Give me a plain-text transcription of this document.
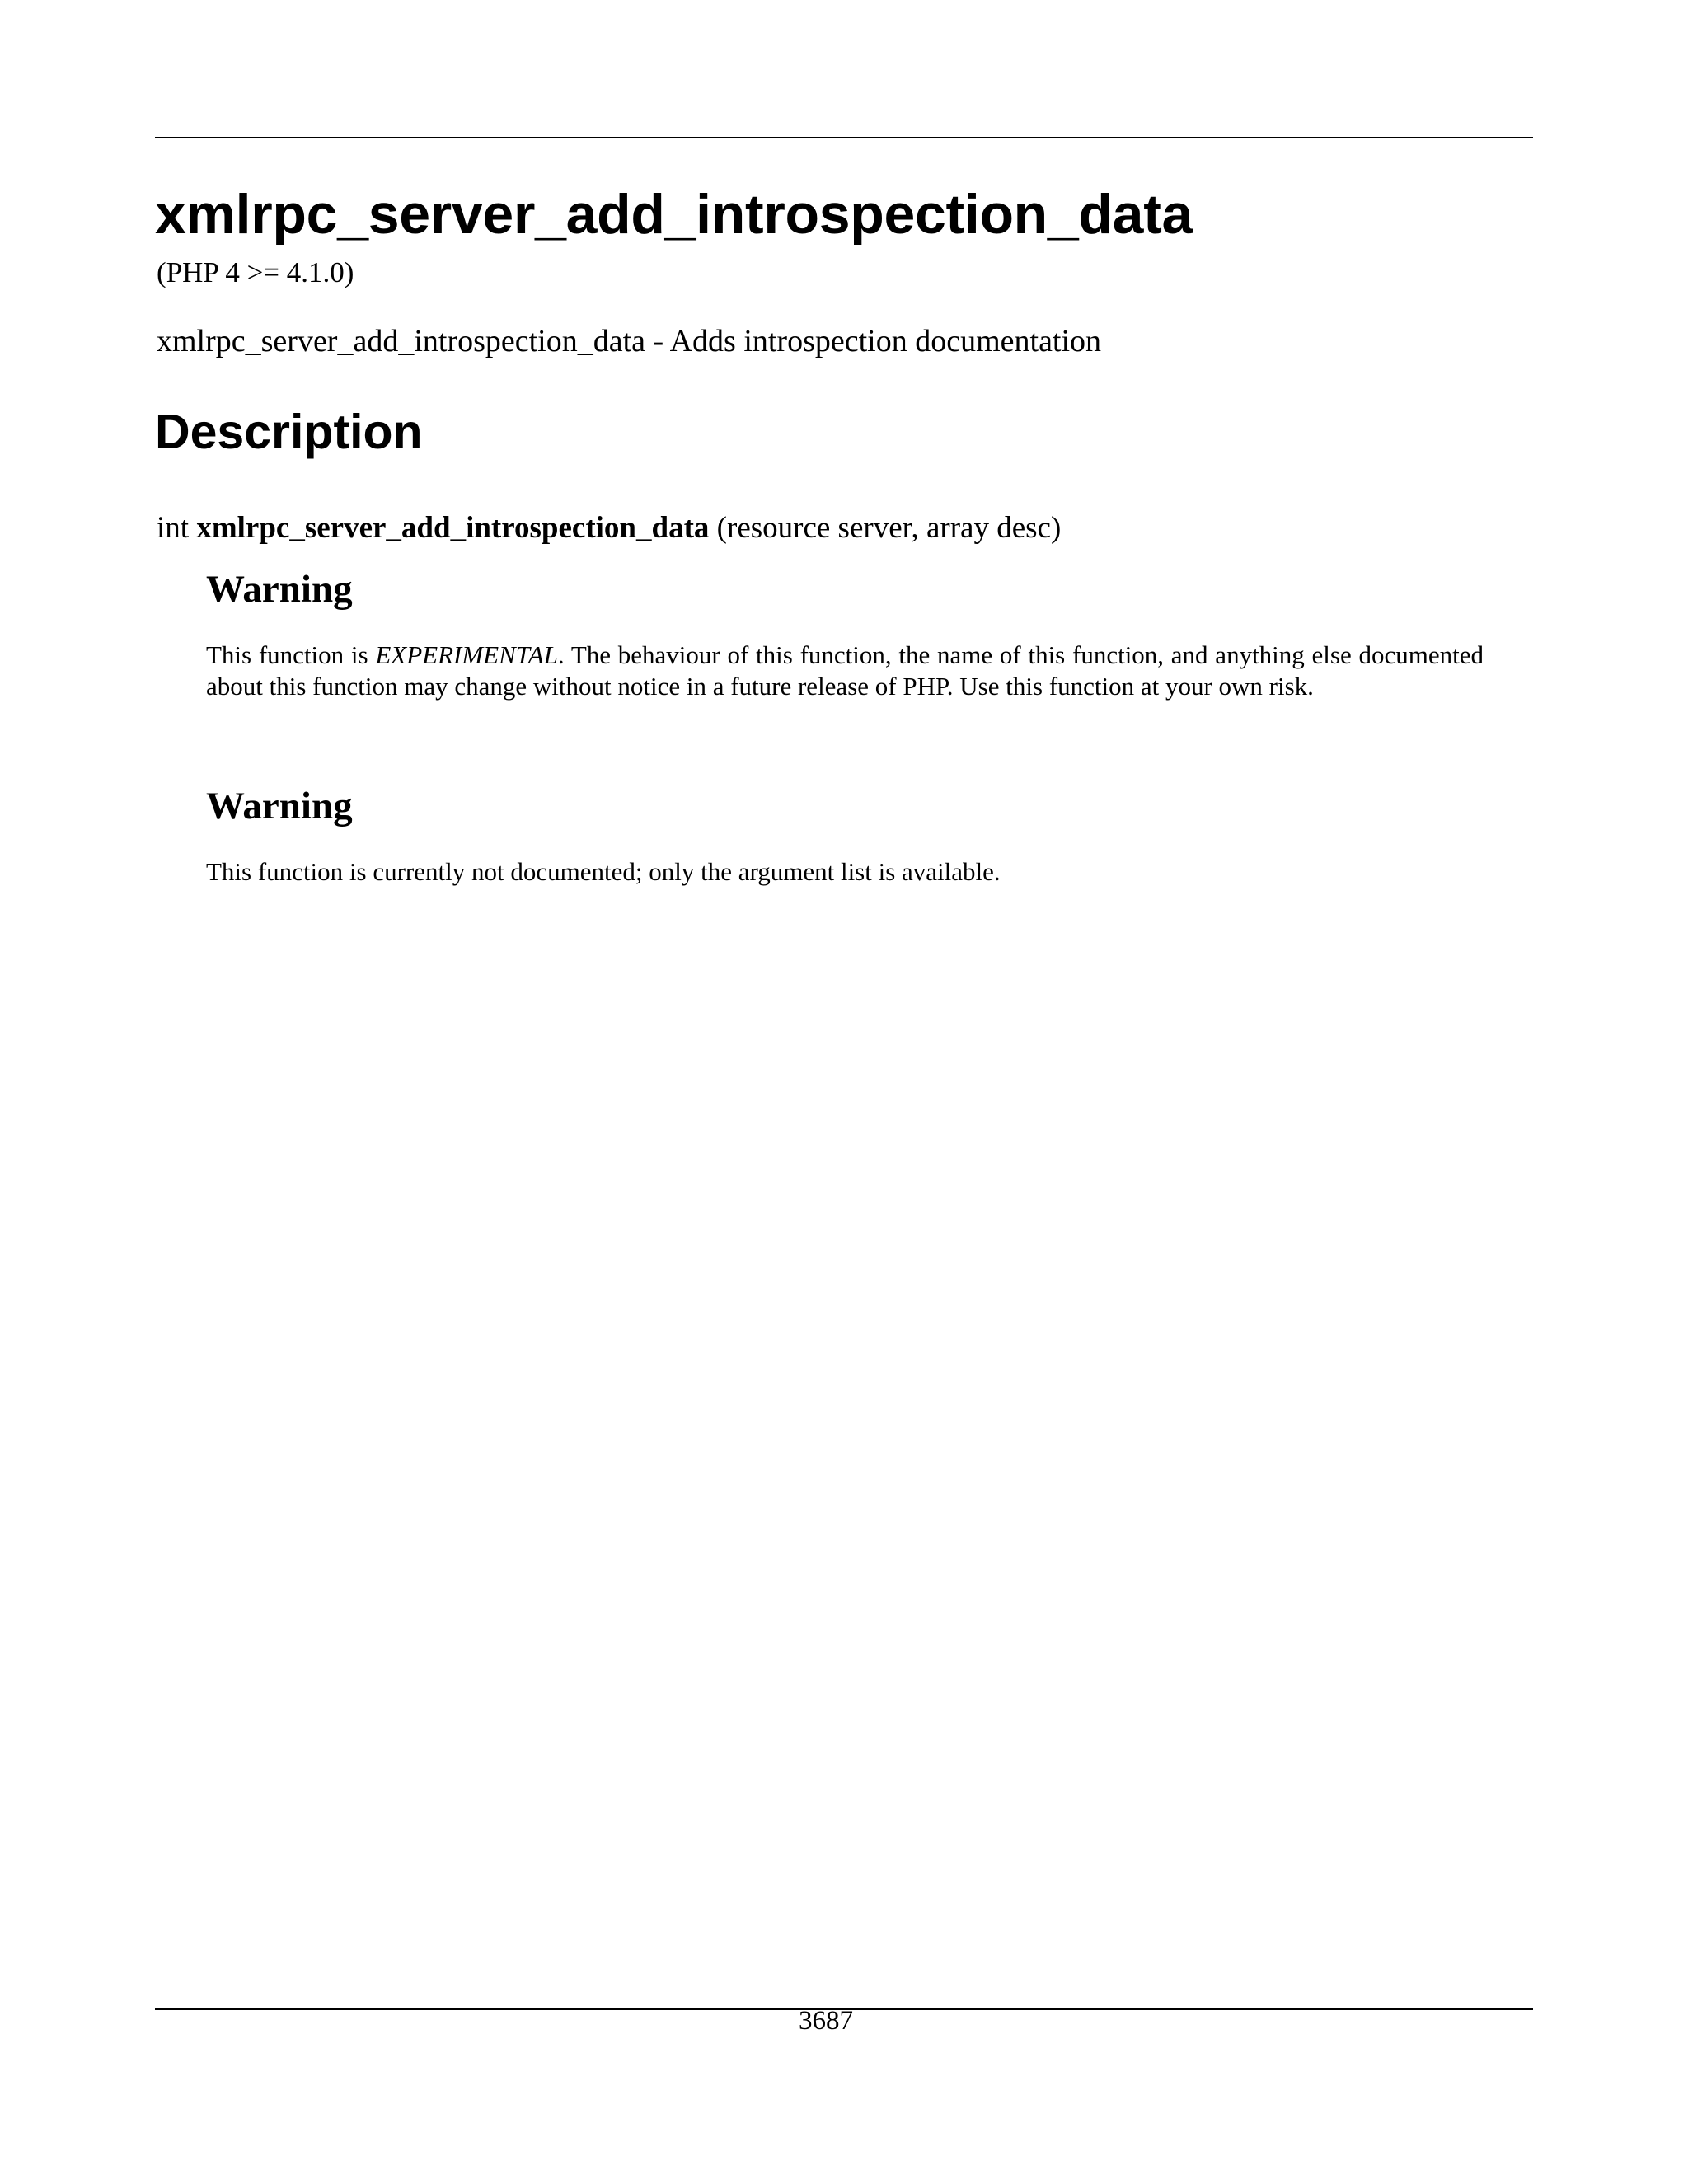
xmlrpc_server_add_introspection_data
(PHP 4 >= 4.1.0)
xmlrpc_server_add_introspection_data - Adds introspection documentation
Description
int xmlrpc_server_add_introspection_data (resource server, array desc)
Warning

This function is EXPERIMENTAL. The behaviour of this function, the name of this function, and anything else documented about this function may change without notice in a future release of PHP. Use this function at your own risk.

Warning

This function is currently not documented; only the argument list is available.

3687
